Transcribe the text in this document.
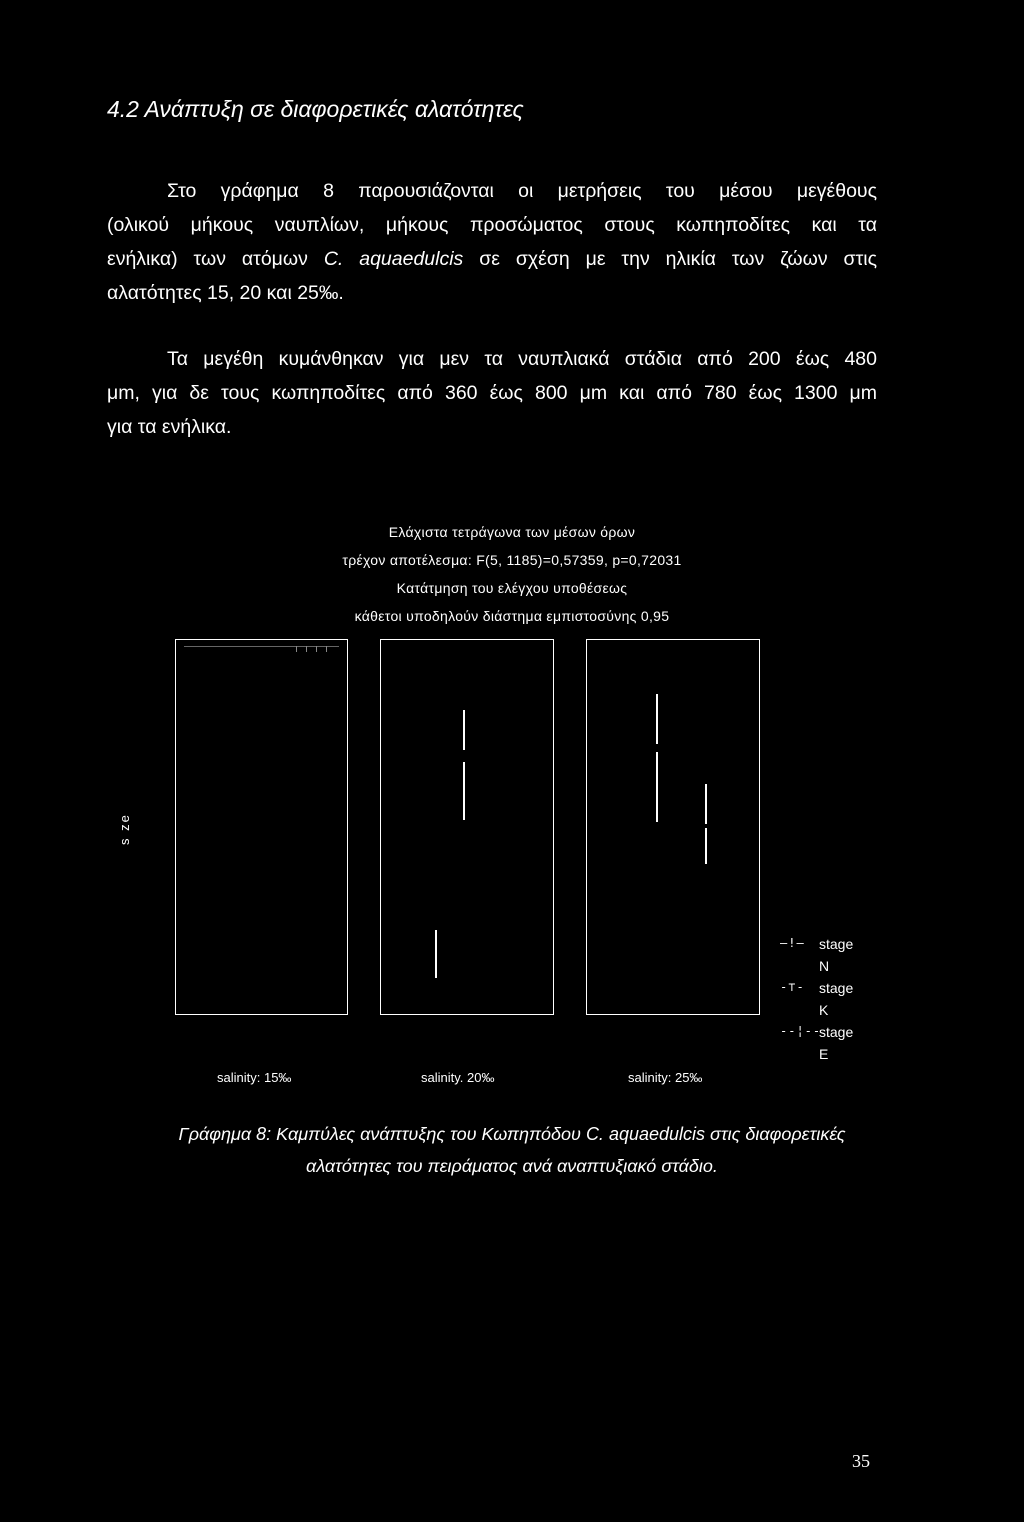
4.2 Ανάπτυξη σε διαφορετικές αλατότητες
Στο γράφημα 8 παρουσιάζονται οι μετρήσεις του μέσου μεγέθους
(ολικού μήκους ναυπλίων, μήκους προσώματος στους κωπηποδίτες και τα
ενήλικα) των ατόμων C. aquaedulcis σε σχέση με την ηλικία των ζώων στις
αλατότητες 15, 20 και 25‰.
Τα μεγέθη κυμάνθηκαν για μεν τα ναυπλιακά στάδια από 200 έως 480
μm, για δε τους κωπηποδίτες από 360 έως 800 μm και από 780 έως 1300 μm
για τα ενήλικα.
Ελάχιστα τετράγωνα των μέσων όρων
τρέχον αποτέλεσμα: F(5, 1185)=0,57359, p=0,72031
Κατάτμηση του ελέγχου υποθέσεως
κάθετοι υποδηλούν διάστημα εμπιστοσύνης 0,95
s ze
salinity: 15‰	salinity. 20‰	salinity: 25‰
—!— stage
N
-⊤- stage
K
--¦--
stage
E
Γράφημα 8: Καμπύλες ανάπτυξης του Κωπηπόδου C. aquaedulcis στις διαφορετικές
αλατότητες του πειράματος ανά αναπτυξιακό στάδιο.
35
